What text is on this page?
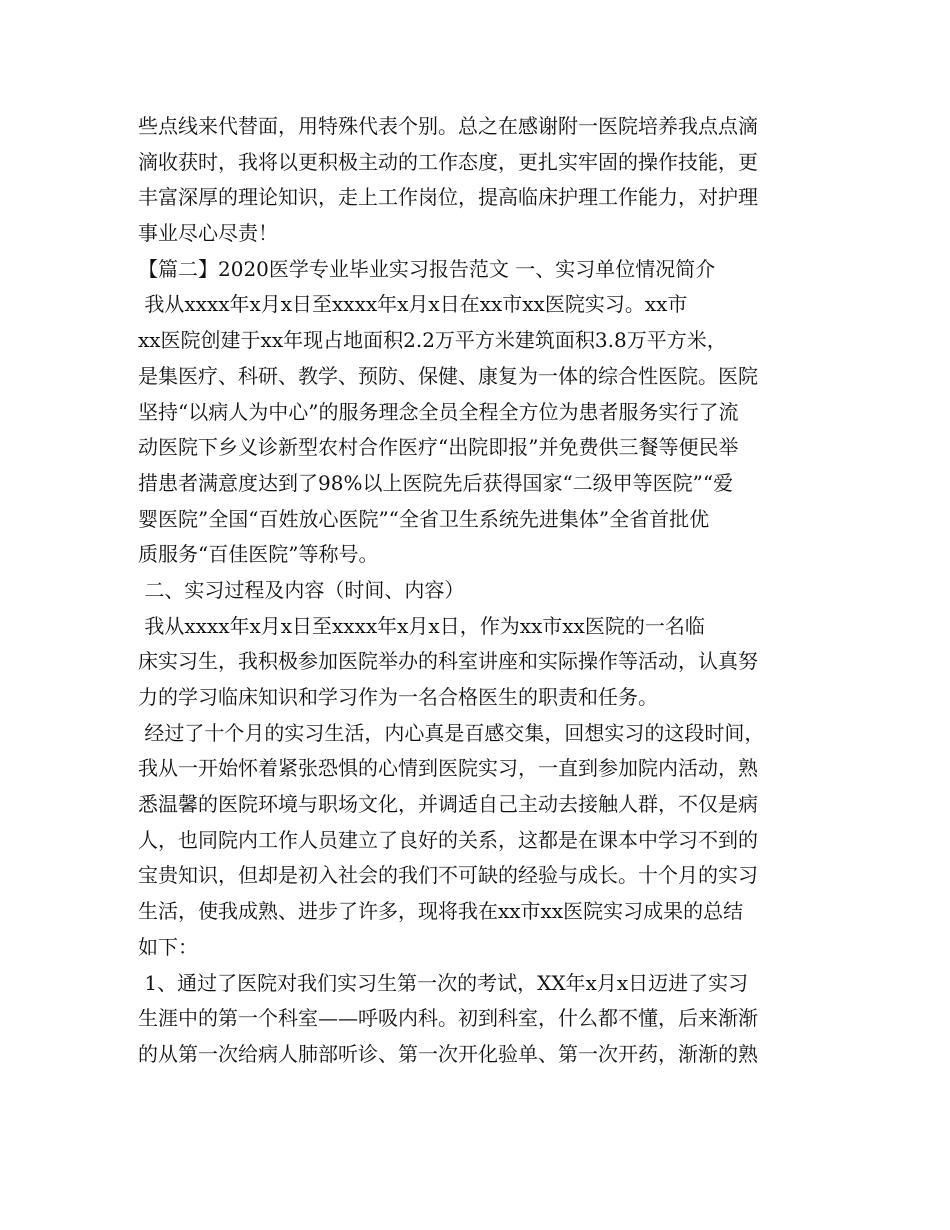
些点线来代替面，用特殊代表个别。总之在感谢附一医院培养我点点滴
滴收获时，我将以更积极主动的工作态度，更扎实牢固的操作技能，更
丰富深厚的理论知识，走上工作岗位，提高临床护理工作能力，对护理
事业尽心尽责！
【篇二】2020医学专业毕业实习报告范文 一、实习单位情况简介
我从xxxx年x月x日至xxxx年x月x日在xx市xx医院实习。xx市
xx医院创建于xx年现占地面积2.2万平方米建筑面积3.8万平方米，
是集医疗、科研、教学、预防、保健、康复为一体的综合性医院。医院
坚持“以病人为中心”的服务理念全员全程全方位为患者服务实行了流
动医院下乡义诊新型农村合作医疗“出院即报”并免费供三餐等便民举
措患者满意度达到了98%以上医院先后获得国家“二级甲等医院”“爱
婴医院”全国“百姓放心医院”“全省卫生系统先进集体”全省首批优
质服务“百佳医院”等称号。
二、实习过程及内容（时间、内容）
我从xxxx年x月x日至xxxx年x月x日，作为xx市xx医院的一名临
床实习生，我积极参加医院举办的科室讲座和实际操作等活动，认真努
力的学习临床知识和学习作为一名合格医生的职责和任务。
经过了十个月的实习生活，内心真是百感交集，回想实习的这段时间，
我从一开始怀着紧张恐惧的心情到医院实习，一直到参加院内活动，熟
悉温馨的医院环境与职场文化，并调适自己主动去接触人群，不仅是病
人，也同院内工作人员建立了良好的关系，这都是在课本中学习不到的
宝贵知识，但却是初入社会的我们不可缺的经验与成长。十个月的实习
生活，使我成熟、进步了许多，现将我在xx市xx医院实习成果的总结
如下：
1、通过了医院对我们实习生第一次的考试，XX年x月x日迈进了实习
生涯中的第一个科室——呼吸内科。初到科室，什么都不懂，后来渐渐
的从第一次给病人肺部听诊、第一次开化验单、第一次开药，渐渐的熟
